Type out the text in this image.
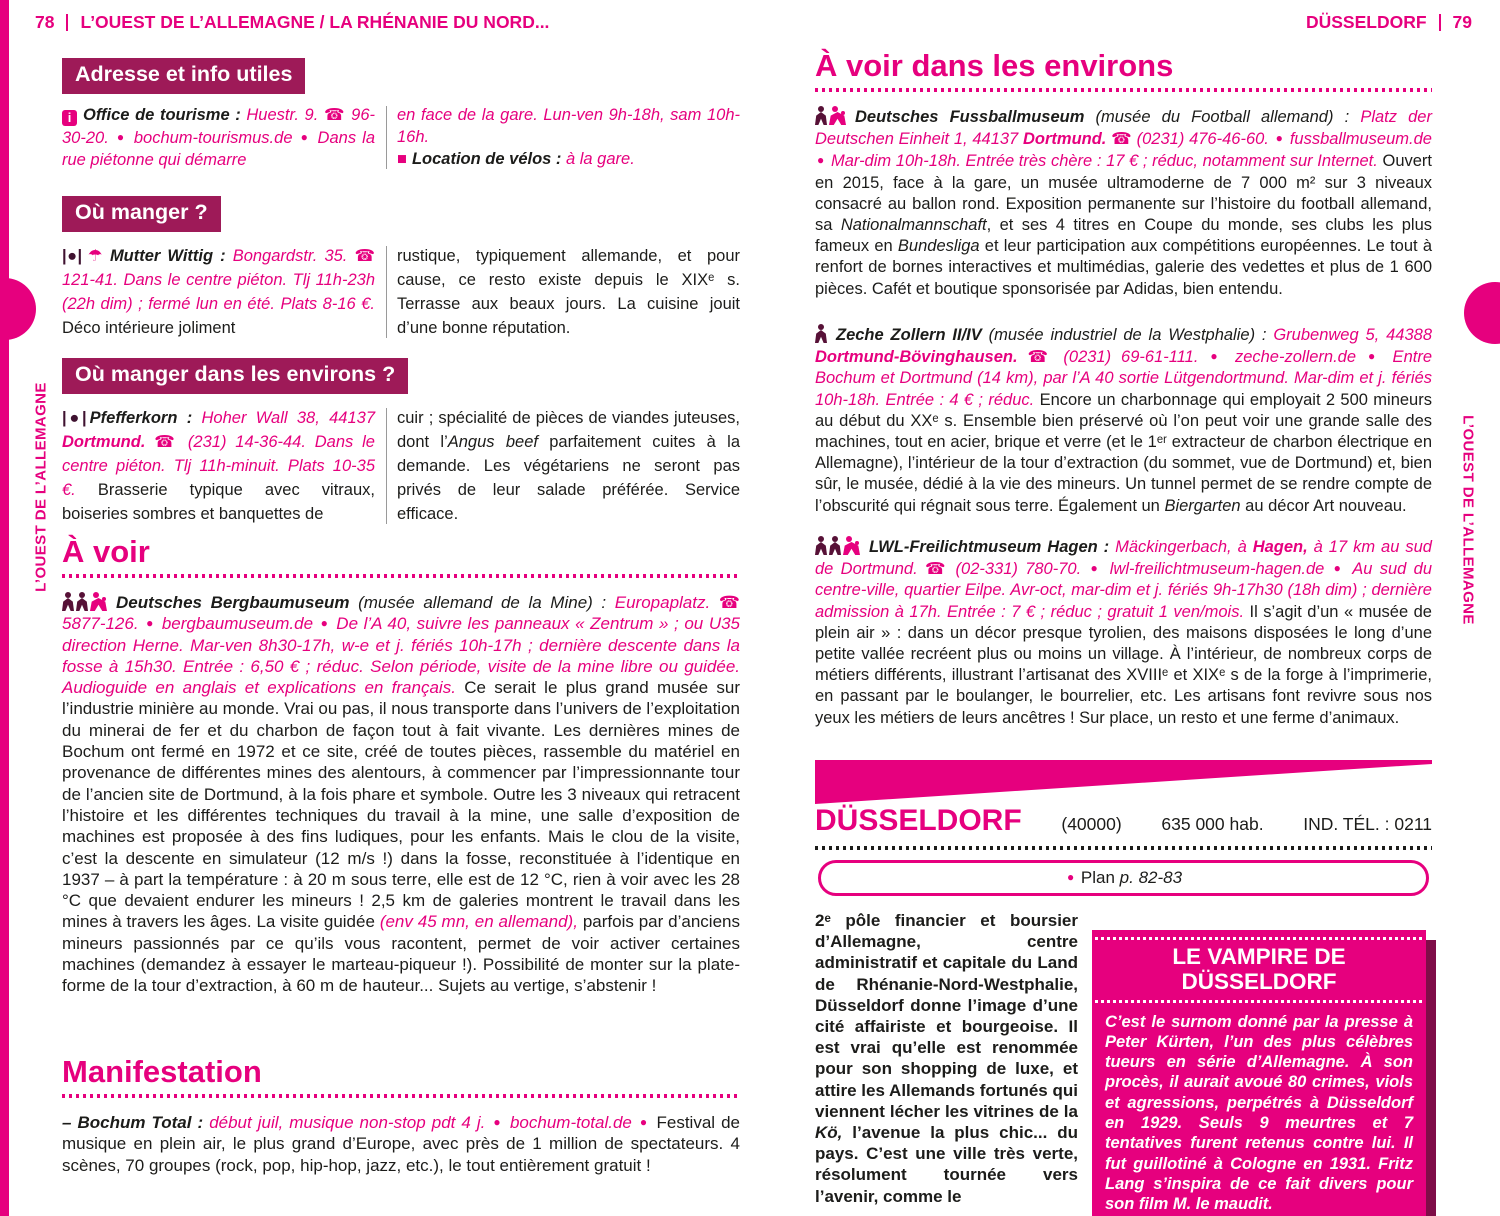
L’OUEST DE L’ALLEMAGNE	L’OUEST DE L’ALLEMAGNE
78 L’OUEST DE L’ALLEMAGNE / LA RHÉNANIE DU NORD...
Adresse et info utiles

i Office de tourisme : Huestr. 9. ☎ 96-30-20. ● bochum-tourismus.de ● Dans la rue piétonne qui démarre

en face de la gare. Lun-ven 9h-18h, sam 10h-16h.
■ Location de vélos : à la gare.

Où manger ?

|●| ☂ Mutter Wittig : Bongardstr. 35. ☎ 121-41. Dans le centre piéton. Tlj 11h-23h (22h dim) ; fermé lun en été. Plats 8-16 €. Déco intérieure joliment

rustique, typiquement allemande, et pour cause, ce resto existe depuis le XIXᵉ s. Terrasse aux beaux jours. La cuisine jouit d’une bonne réputation.

Où manger dans les environs ?

|●| Pfefferkorn : Hoher Wall 38, 44137 Dortmund. ☎ (231) 14-36-44. Dans le centre piéton. Tlj 11h-minuit. Plats 10-35 €. Brasserie typique avec vitraux, boiseries sombres et banquettes de

cuir ; spécialité de pièces de viandes juteuses, dont l’Angus beef parfaitement cuites à la demande. Les végétariens ne seront pas privés de leur salade préférée. Service efficace.

À voir

Deutsches Bergbaumuseum (musée allemand de la Mine) : Europaplatz. ☎ 5877-126. ● bergbaumuseum.de ● De l’A 40, suivre les panneaux « Zentrum » ; ou U35 direction Herne. Mar-ven 8h30-17h, w-e et j. fériés 10h-17h ; dernière descente dans la fosse à 15h30. Entrée : 6,50 € ; réduc. Selon période, visite de la mine libre ou guidée. Audioguide en anglais et explications en français. Ce serait le plus grand musée sur l’industrie minière au monde. Vrai ou pas, il nous transporte dans l’univers de l’exploitation du minerai de fer et du charbon de façon tout à fait vivante. Les dernières mines de Bochum ont fermé en 1972 et ce site, créé de toutes pièces, rassemble du matériel en provenance de différentes mines des alentours, à commencer par l’impressionnante tour de l’ancien site de Dortmund, à la fois phare et symbole. Outre les 3 niveaux qui retracent l’histoire et les différentes techniques du travail à la mine, une salle d’exposition de machines est proposée à des fins ludiques, pour les enfants. Mais le clou de la visite, c’est la descente en simulateur (12 m/s !) dans la fosse, reconstituée à l’identique en 1937 – à part la température : à 20 m sous terre, elle est de 12 °C, rien à voir avec les 28 °C que devaient endurer les mineurs ! 2,5 km de galeries montrent le travail dans les mines à travers les âges. La visite guidée (env 45 mn, en allemand), parfois par d’anciens mineurs passionnés par ce qu’ils vous racontent, permet de voir activer certaines machines (demandez à essayer le marteau-piqueur !). Possibilité de monter sur la plate-forme de la tour d’extraction, à 60 m de hauteur... Sujets au vertige, s’abstenir !

Manifestation

– Bochum Total : début juil, musique non-stop pdt 4 j. ● bochum-total.de ● Festival de musique en plein air, le plus grand d’Europe, avec près de 1 million de spectateurs. 4 scènes, 70 groupes (rock, pop, hip-hop, jazz, etc.), le tout entièrement gratuit !

DÜSSELDORF 79
À voir dans les environs

Deutsches Fussballmuseum (musée du Football allemand) : Platz der Deutschen Einheit 1, 44137 Dortmund. ☎ (0231) 476-46-60. ● fussballmuseum.de ● Mar-dim 10h-18h. Entrée très chère : 17 € ; réduc, notamment sur Internet. Ouvert en 2015, face à la gare, un musée ultramoderne de 7 000 m² sur 3 niveaux consacré au ballon rond. Exposition permanente sur l’histoire du football allemand, sa Nationalmannschaft, et ses 4 titres en Coupe du monde, ses clubs les plus fameux en Bundesliga et leur participation aux compétitions européennes. Le tout à renfort de bornes interactives et multimédias, galerie des vedettes et plus de 1 600 pièces. Cafét et boutique sponsorisée par Adidas, bien entendu.

Zeche Zollern II/IV (musée industriel de la Westphalie) : Grubenweg 5, 44388 Dortmund-Bövinghausen. ☎ (0231) 69-61-111. ● zeche-zollern.de ● Entre Bochum et Dortmund (14 km), par l’A 40 sortie Lütgendortmund. Mar-dim et j. fériés 10h-18h. Entrée : 4 € ; réduc. Encore un charbonnage qui employait 2 500 mineurs au début du XXᵉ s. Ensemble bien préservé où l’on peut voir une grande salle des machines, tout en acier, brique et verre (et le 1ᵉʳ extracteur de charbon électrique en Allemagne), l’intérieur de la tour d’extraction (du sommet, vue de Dortmund) et, bien sûr, le musée, dédié à la vie des mineurs. Un tunnel permet de se rendre compte de l’obscurité qui régnait sous terre. Également un Biergarten au décor Art nouveau.

LWL-Freilichtmuseum Hagen : Mäckingerbach, à Hagen, à 17 km au sud de Dortmund. ☎ (02-331) 780-70. ● lwl-freilichtmuseum-hagen.de ● Au sud du centre-ville, quartier Eilpe. Avr-oct, mar-dim et j. fériés 9h-17h30 (18h dim) ; dernière admission à 17h. Entrée : 7 € ; réduc ; gratuit 1 ven/mois. Il s’agit d’un « musée de plein air » : dans un décor presque tyrolien, des maisons disposées le long d’une petite vallée recréent plus ou moins un village. À l’intérieur, de nombreux corps de métiers différents, illustrant l’artisanat des XVIIIᵉ et XIXᵉ s de la forge à l’imprimerie, en passant par le boulanger, le bourrelier, etc. Les artisans font revivre sous nos yeux les métiers de leurs ancêtres ! Sur place, un resto et une ferme d’animaux.

DÜSSELDORF (40000) 635 000 hab. IND. TÉL. : 0211
● Plan p. 82-83

2ᵉ pôle financier et boursier d’Allemagne, centre administratif et capitale du Land de Rhénanie-Nord-Westphalie, Düsseldorf donne l’image d’une cité affairiste et bourgeoise. Il est vrai qu’elle est renommée pour son shopping de luxe, et attire les Allemands fortunés qui viennent lécher les vitrines de la Kö, l’avenue la plus chic... du pays. C’est une ville très verte, résolument tournée vers l’avenir, comme le

LE VAMPIRE DE DÜSSELDORF

C’est le surnom donné par la presse à Peter Kürten, l’un des plus célèbres tueurs en série d’Allemagne. À son procès, il aurait avoué 80 crimes, viols et agressions, perpétrés à Düsseldorf en 1929. Seuls 9 meurtres et 7 tentatives furent retenus contre lui. Il fut guillotiné à Cologne en 1931. Fritz Lang s’inspira de ce fait divers pour son film M. le maudit.
